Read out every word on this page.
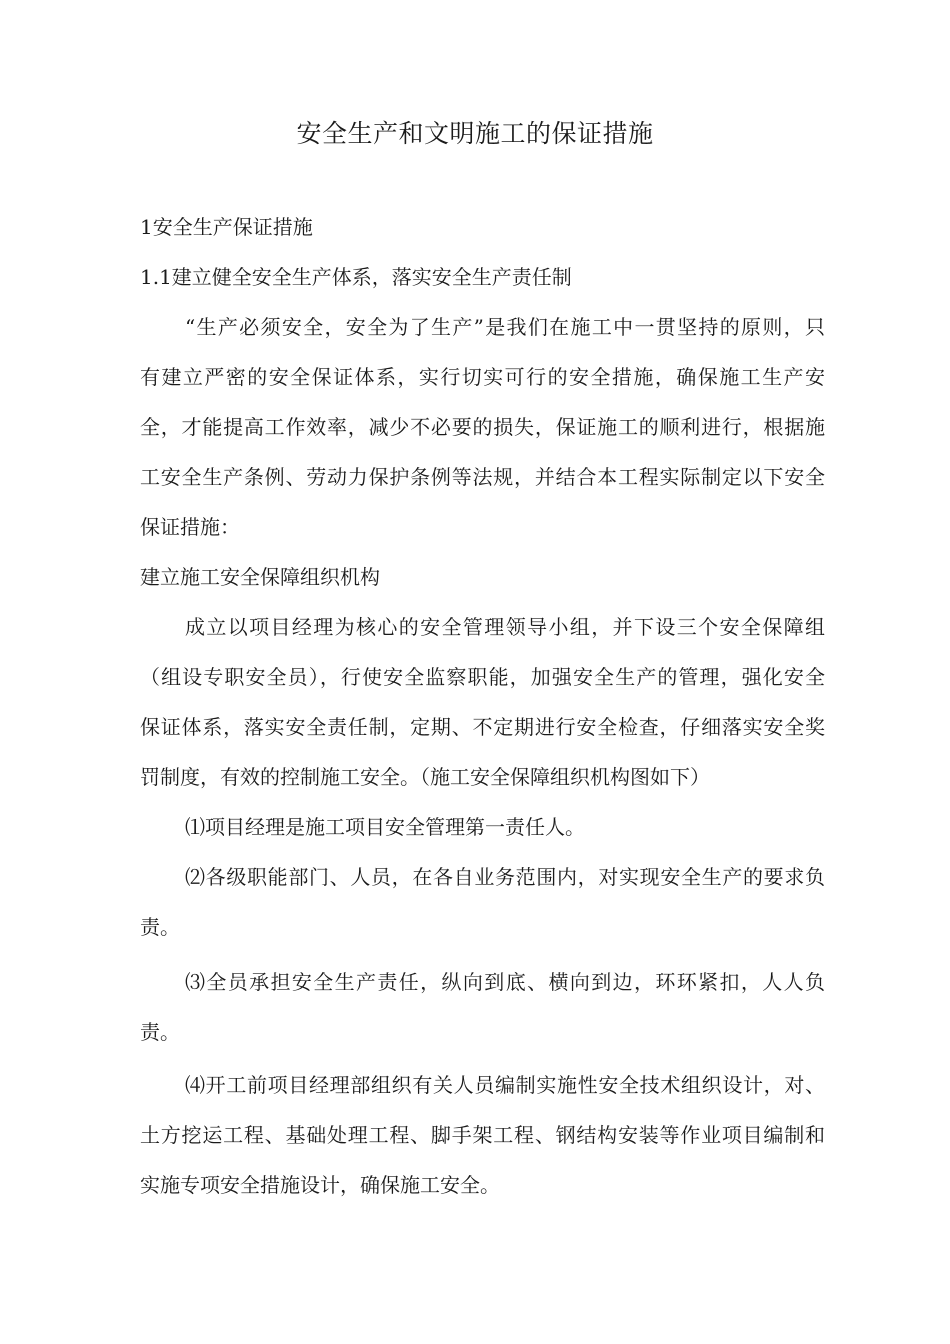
安全生产和文明施工的保证措施

1安全生产保证措施

1.1建立健全安全生产体系，落实安全生产责任制

“生产必须安全，安全为了生产”是我们在施工中一贯坚持的原则，只

有建立严密的安全保证体系，实行切实可行的安全措施，确保施工生产安

全，才能提高工作效率，减少不必要的损失，保证施工的顺利进行，根据施

工安全生产条例、劳动力保护条例等法规，并结合本工程实际制定以下安全

保证措施：

建立施工安全保障组织机构

成立以项目经理为核心的安全管理领导小组，并下设三个安全保障组

（组设专职安全员），行使安全监察职能，加强安全生产的管理，强化安全

保证体系，落实安全责任制，定期、不定期进行安全检查，仔细落实安全奖

罚制度，有效的控制施工安全。（施工安全保障组织机构图如下）

⑴项目经理是施工项目安全管理第一责任人。

⑵各级职能部门、人员，在各自业务范围内，对实现安全生产的要求负

责。

⑶全员承担安全生产责任，纵向到底、横向到边，环环紧扣，人人负

责。

⑷开工前项目经理部组织有关人员编制实施性安全技术组织设计，对、

土方挖运工程、基础处理工程、脚手架工程、钢结构安装等作业项目编制和

实施专项安全措施设计，确保施工安全。
